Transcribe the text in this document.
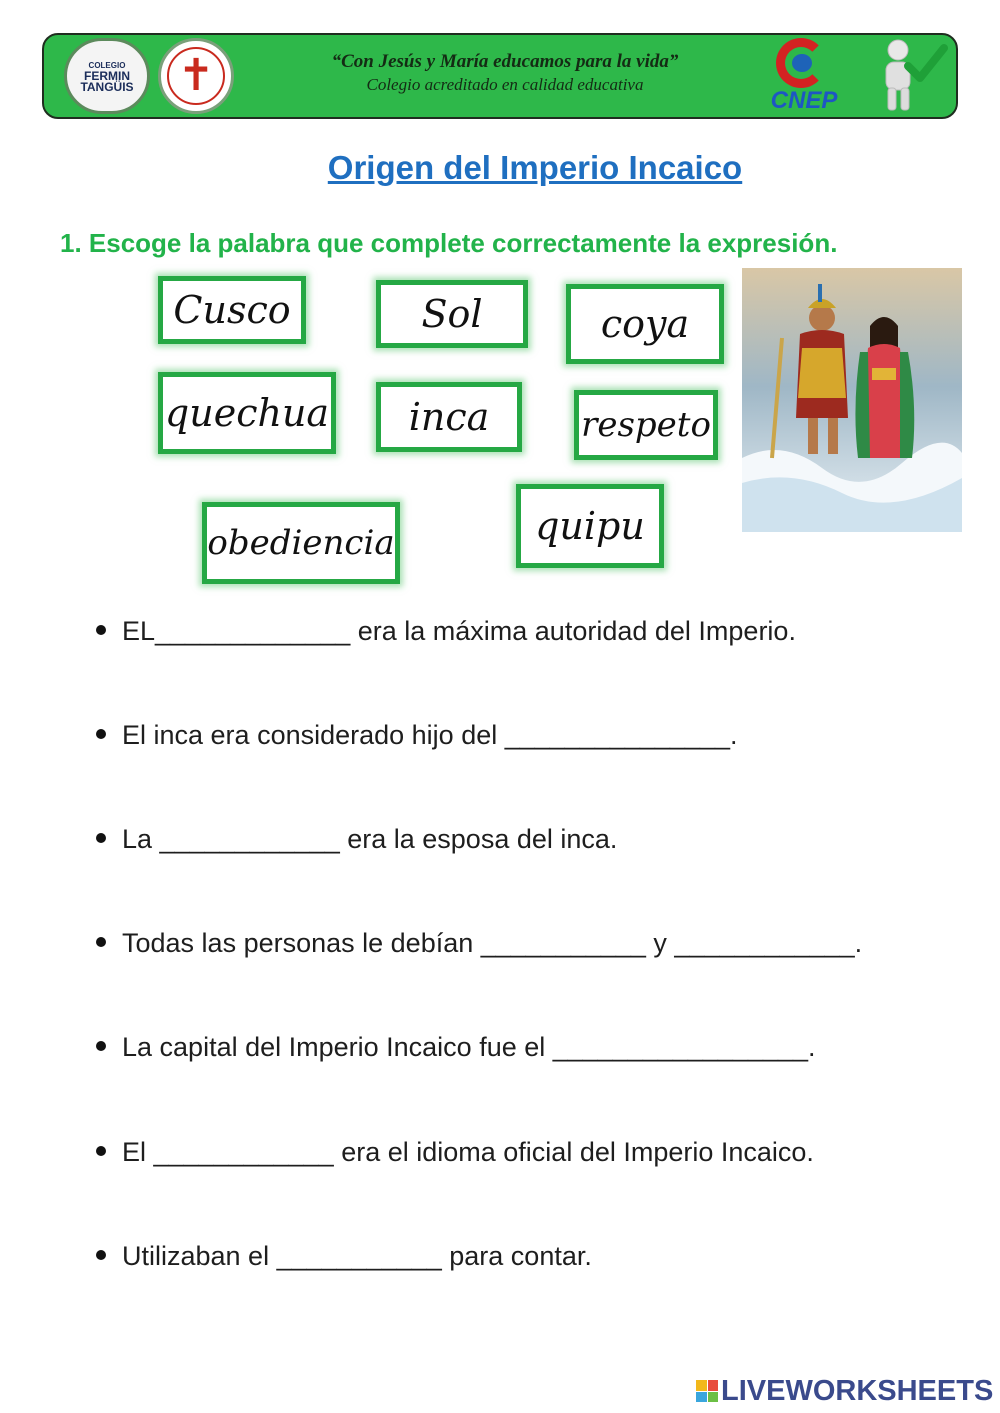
COLEGIO
FERMIN
TANGÜIS ✝	“Con Jesús y María educamos para la vida”
Colegio acreditado en calidad educativa
CNEP
Origen del Imperio Incaico
1. Escoge la palabra que complete correctamente la expresión.
Cusco	Sol	coya
quechua	inca	respeto
obediencia	quipu
EL_____________ era la máxima autoridad del Imperio.
El inca era considerado hijo del _______________.
La ____________ era la esposa del inca.
Todas las personas le debían ___________ y ____________.
La capital del Imperio Incaico fue el _________________.
El ____________ era el idioma oficial del Imperio Incaico.
Utilizaban el ___________ para contar.
LIVEWORKSHEETS
